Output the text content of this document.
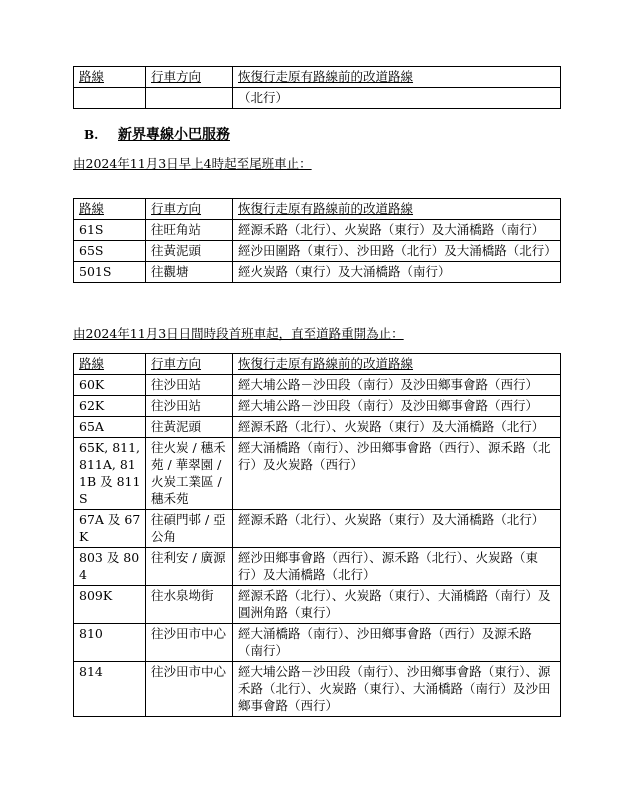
路線	行車方向	恢復行走原有路線前的改道路線
		（北行）
B. 新界專線小巴服務
由2024年11月3日早上4時起至尾班車止：
路線	行車方向	恢復行走原有路線前的改道路線
61S	往旺角站	經源禾路（北行）、火炭路（東行）及大涌橋路（南行）
65S	往黃泥頭	經沙田圍路（東行）、沙田路（北行）及大涌橋路（北行）
501S	往觀塘	經火炭路（東行）及大涌橋路（南行）
由2024年11月3日日間時段首班車起，直至道路重開為止：
路線	行車方向	恢復行走原有路線前的改道路線
60K	往沙田站	經大埔公路－沙田段（南行）及沙田鄉事會路（西行）
62K	往沙田站	經大埔公路－沙田段（南行）及沙田鄉事會路（西行）
65A	往黃泥頭	經源禾路（北行）、火炭路（東行）及大涌橋路（北行）
65K, 811, 811A, 811B 及 811S	往火炭 / 穗禾苑 / 華翠園 / 火炭工業區 / 穗禾苑	經大涌橋路（南行）、沙田鄉事會路（西行）、源禾路（北行）及火炭路（西行）
67A 及 67K	往碩門邨 / 亞公角	經源禾路（北行）、火炭路（東行）及大涌橋路（北行）
803 及 804	往利安 / 廣源	經沙田鄉事會路（西行）、源禾路（北行）、火炭路（東行）及大涌橋路（北行）
809K	往水泉坳街	經源禾路（北行）、火炭路（東行）、大涌橋路（南行）及圓洲角路（東行）
810	往沙田市中心	經大涌橋路（南行）、沙田鄉事會路（西行）及源禾路（南行）
814	往沙田市中心	經大埔公路－沙田段（南行）、沙田鄉事會路（東行）、源禾路（北行）、火炭路（東行）、大涌橋路（南行）及沙田鄉事會路（西行）
